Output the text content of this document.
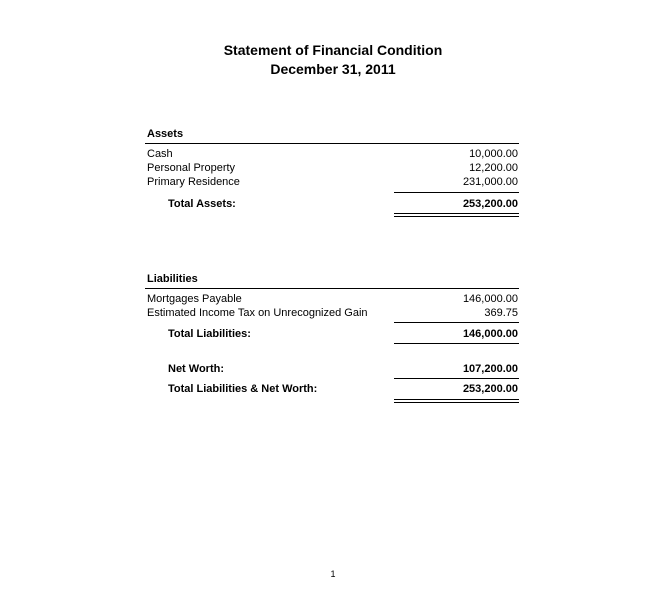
Statement of Financial Condition
December 31, 2011
Assets
Cash	10,000.00
Personal Property	12,200.00
Primary Residence	231,000.00
Total Assets:	253,200.00
Liabilities
Mortgages Payable	146,000.00
Estimated Income Tax on Unrecognized Gain	369.75
Total Liabilities:	146,000.00
Net Worth:	107,200.00
Total Liabilities & Net Worth:	253,200.00
1
